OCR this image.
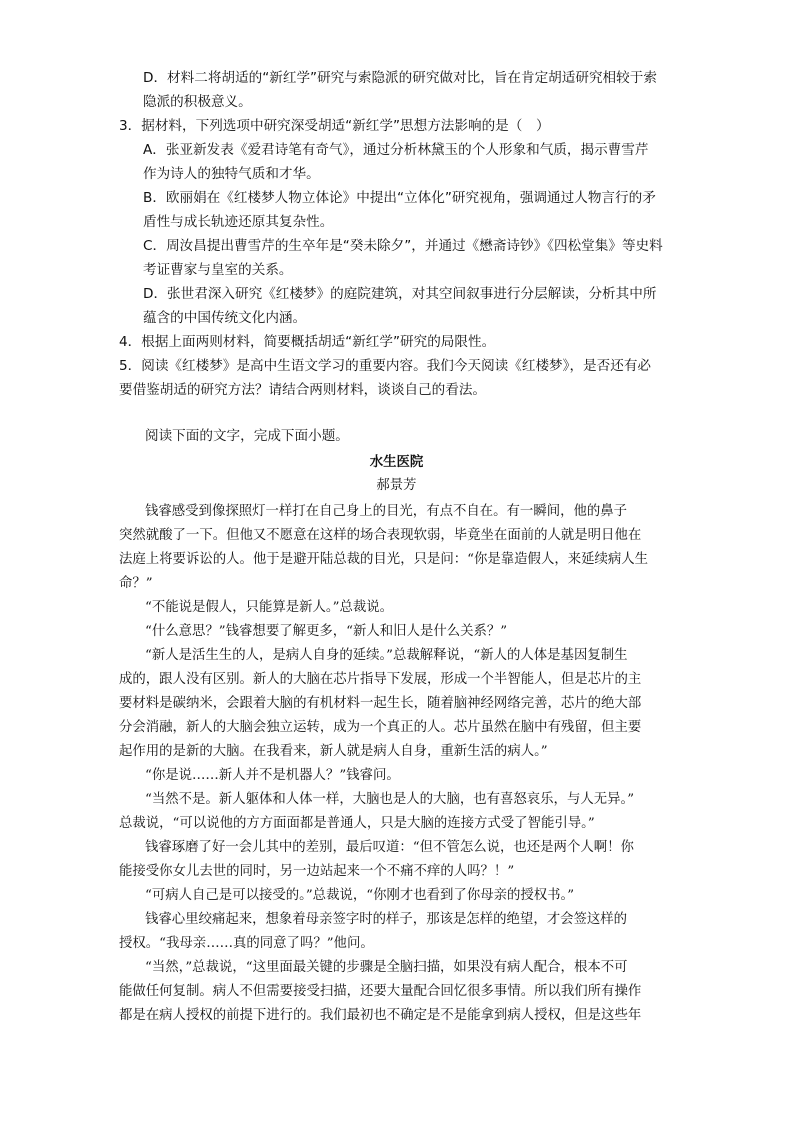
D．材料二将胡适的“新红学”研究与索隐派的研究做对比，旨在肯定胡适研究相较于索

隐派的积极意义。

3．据材料，下列选项中研究深受胡适“新红学”思想方法影响的是（　）

A．张亚新发表《爱君诗笔有奇气》，通过分析林黛玉的个人形象和气质，揭示曹雪芹

作为诗人的独特气质和才华。

B．欧丽娟在《红楼梦人物立体论》中提出“立体化”研究视角，强调通过人物言行的矛

盾性与成长轨迹还原其复杂性。

C．周汝昌提出曹雪芹的生卒年是“癸未除夕”，并通过《懋斋诗钞》《四松堂集》等史料

考证曹家与皇室的关系。

D．张世君深入研究《红楼梦》的庭院建筑，对其空间叙事进行分层解读，分析其中所

蕴含的中国传统文化内涵。

4．根据上面两则材料，简要概括胡适“新红学”研究的局限性。

5．阅读《红楼梦》是高中生语文学习的重要内容。我们今天阅读《红楼梦》，是否还有必

要借鉴胡适的研究方法？请结合两则材料，谈谈自己的看法。

阅读下面的文字，完成下面小题。

水生医院

郝景芳

钱睿感受到像探照灯一样打在自己身上的目光，有点不自在。有一瞬间，他的鼻子

突然就酸了一下。但他又不愿意在这样的场合表现软弱，毕竟坐在面前的人就是明日他在

法庭上将要诉讼的人。他于是避开陆总裁的目光，只是问：“你是靠造假人，来延续病人生

命？”

“不能说是假人，只能算是新人。”总裁说。

“什么意思？”钱睿想要了解更多，“新人和旧人是什么关系？”

“新人是活生生的人，是病人自身的延续。”总裁解释说，“新人的人体是基因复制生

成的，跟人没有区别。新人的大脑在芯片指导下发展，形成一个半智能人，但是芯片的主

要材料是碳纳米，会跟着大脑的有机材料一起生长，随着脑神经网络完善，芯片的绝大部

分会消融，新人的大脑会独立运转，成为一个真正的人。芯片虽然在脑中有残留，但主要

起作用的是新的大脑。在我看来，新人就是病人自身，重新生活的病人。”

“你是说……新人并不是机器人？”钱睿问。

“当然不是。新人躯体和人体一样，大脑也是人的大脑，也有喜怒哀乐，与人无异。”

总裁说，“可以说他的方方面面都是普通人，只是大脑的连接方式受了智能引导。”

钱睿琢磨了好一会儿其中的差别，最后叹道：“但不管怎么说，也还是两个人啊！你

能接受你女儿去世的同时，另一边站起来一个不痛不痒的人吗？！”

“可病人自己是可以接受的。”总裁说，“你刚才也看到了你母亲的授权书。”

钱睿心里绞痛起来，想象着母亲签字时的样子，那该是怎样的绝望，才会签这样的

授权。“我母亲……真的同意了吗？”他问。

“当然，”总裁说，“这里面最关键的步骤是全脑扫描，如果没有病人配合，根本不可

能做任何复制。病人不但需要接受扫描，还要大量配合回忆很多事情。所以我们所有操作

都是在病人授权的前提下进行的。我们最初也不确定是不是能拿到病人授权，但是这些年
